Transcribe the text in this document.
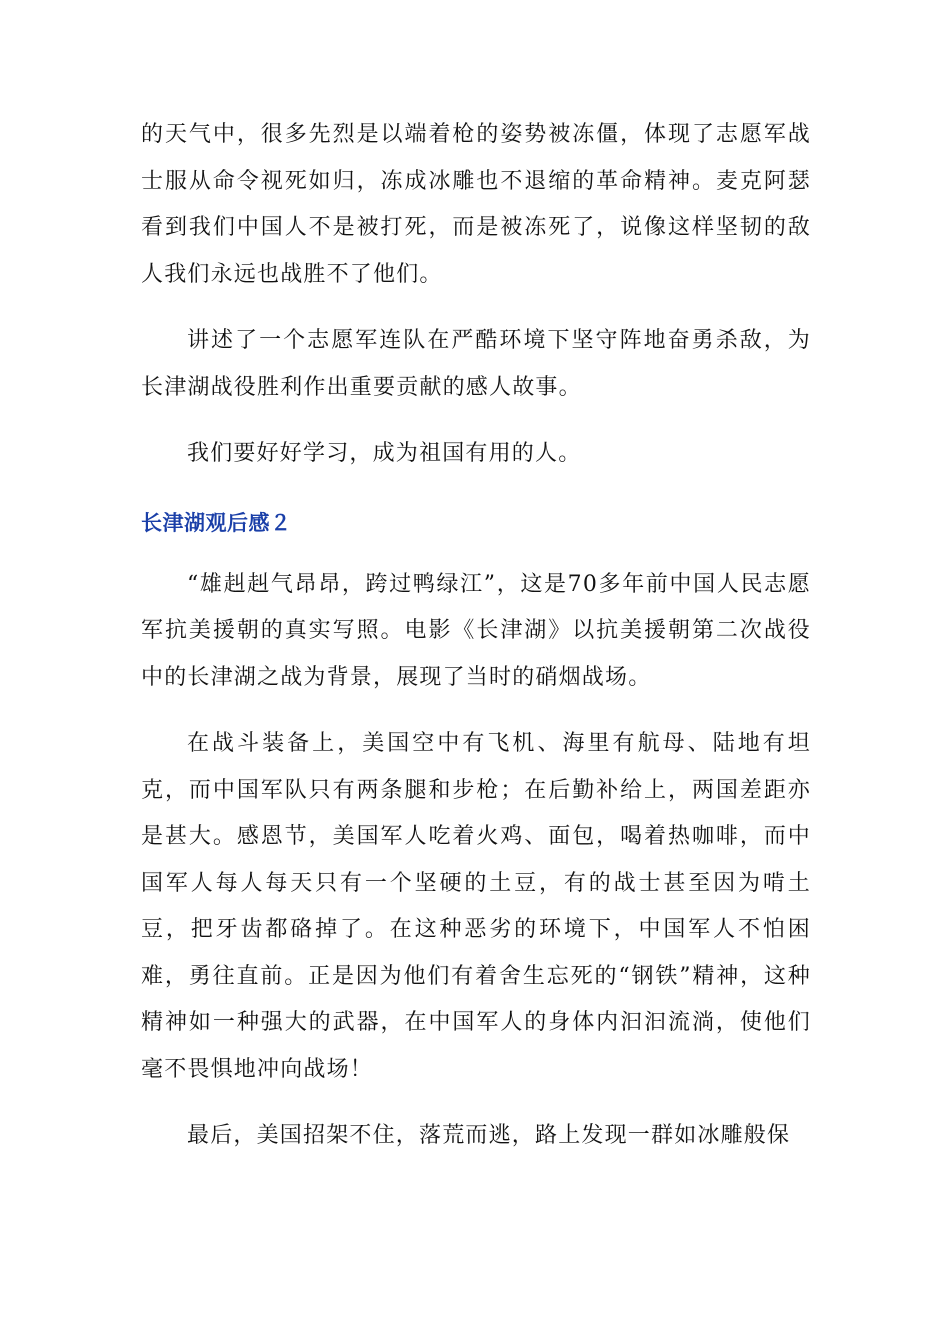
的天气中，很多先烈是以端着枪的姿势被冻僵，体现了志愿军战士服从命令视死如归，冻成冰雕也不退缩的革命精神。麦克阿瑟看到我们中国人不是被打死，而是被冻死了，说像这样坚韧的敌人我们永远也战胜不了他们。

讲述了一个志愿军连队在严酷环境下坚守阵地奋勇杀敌，为长津湖战役胜利作出重要贡献的感人故事。

我们要好好学习，成为祖国有用的人。

长津湖观后感２

“雄赳赳气昂昂，跨过鸭绿江”，这是70多年前中国人民志愿军抗美援朝的真实写照。电影《长津湖》以抗美援朝第二次战役中的长津湖之战为背景，展现了当时的硝烟战场。

在战斗装备上，美国空中有飞机、海里有航母、陆地有坦克，而中国军队只有两条腿和步枪；在后勤补给上，两国差距亦是甚大。感恩节，美国军人吃着火鸡、面包，喝着热咖啡，而中国军人每人每天只有一个坚硬的土豆，有的战士甚至因为啃土豆，把牙齿都硌掉了。在这种恶劣的环境下，中国军人不怕困难，勇往直前。正是因为他们有着舍生忘死的“钢铁”精神，这种精神如一种强大的武器，在中国军人的身体内汩汩流淌，使他们毫不畏惧地冲向战场！

最后，美国招架不住，落荒而逃，路上发现一群如冰雕般保
